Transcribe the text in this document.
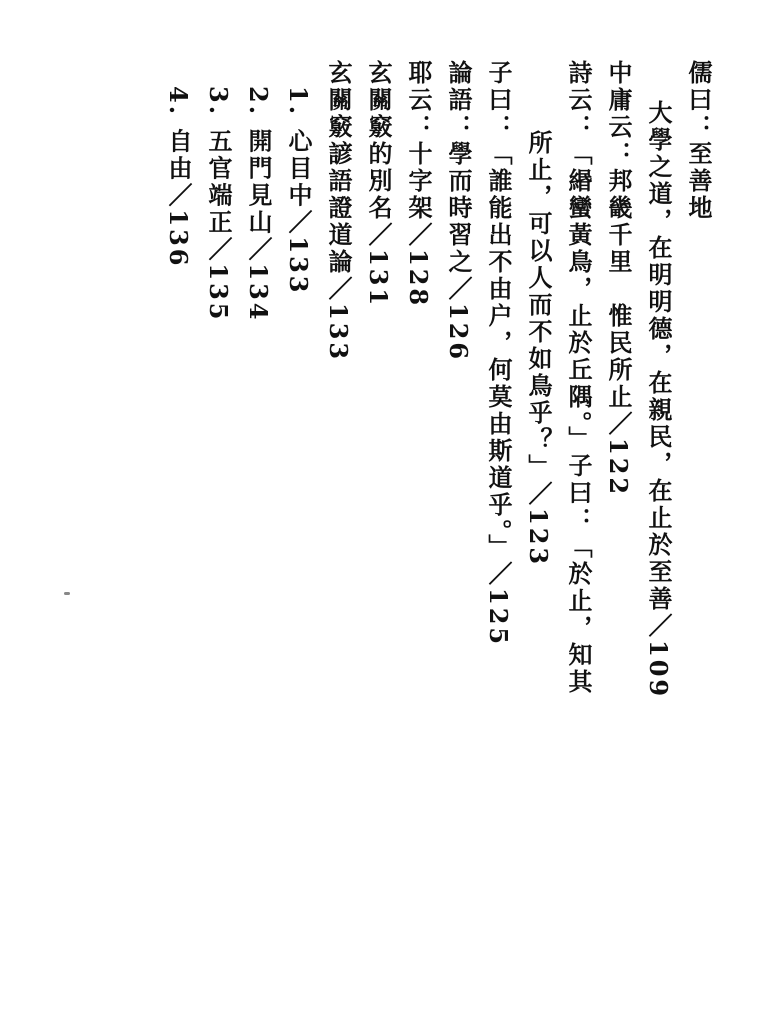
儒曰：至善地
大學之道，在明明德，在親民，在止於至善／109
中庸云：邦畿千里　惟民所止／122
詩云：「緡蠻黃鳥，止於丘隅。」子曰：「於止，知其
所止，可以人而不如鳥乎？」／123
子曰：「誰能出不由户，何莫由斯道乎。」／125
論語：學而時習之／126
耶云：十字架／128
玄關竅的別名／131
玄關竅諺語證道論／133
1. 心目中／133
2. 開門見山／134
3. 五官端正／135
4. 自由／136
